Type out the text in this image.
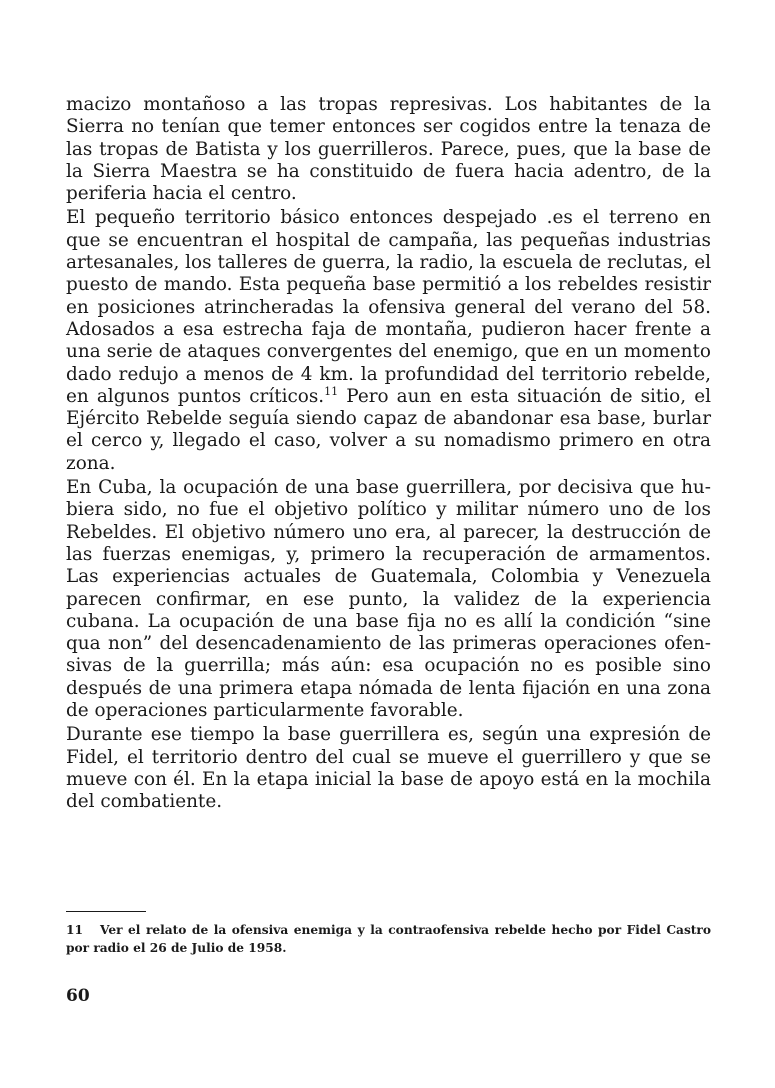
macizo montañoso a las tropas represivas. Los habitantes de la Sierra no tenían que temer entonces ser cogidos entre la tenaza de las tropas de Batista y los guerrilleros. Parece, pues, que la base de la Sierra Maestra se ha constituido de fuera hacia adentro, de la periferia hacia el centro.

El pequeño territorio básico entonces despejado .es el terreno en que se encuentran el hospital de campaña, las pequeñas industrias artesanales, los talleres de guerra, la radio, la escuela de reclutas, el puesto de mando. Esta pequeña base permitió a los rebeldes resistir en posiciones atrincheradas la ofensiva general del verano del 58. Adosados a esa estrecha faja de montaña, pudieron hacer frente a una serie de ataques convergentes del enemigo, que en un momento dado redujo a menos de 4 km. la profundidad del territorio rebelde, en algunos puntos críticos.$^{11}$ Pero aun en esta situación de sitio, el Ejército Rebelde seguía siendo capaz de abandonar esa base, burlar el cerco y, llegado el caso, volver a su nomadismo primero en otra zona.

En Cuba, la ocupación de una base guerrillera, por decisiva que hubiera sido, no fue el objetivo político y militar número uno de los Rebeldes. El objetivo número uno era, al parecer, la destrucción de las fuerzas enemigas, y, primero la recuperación de armamentos. Las experiencias actuales de Guatemala, Colombia y Venezuela parecen confirmar, en ese punto, la validez de la experiencia cubana. La ocupación de una base fija no es allí la condición “sine qua non” del desencadenamiento de las primeras operaciones ofensivas de la guerrilla; más aún: esa ocupación no es posible sino después de una primera etapa nómada de lenta fijación en una zona de operaciones particularmente favorable.

Durante ese tiempo la base guerrillera es, según una expresión de Fidel, el territorio dentro del cual se mueve el guerrillero y que se mueve con él. En la etapa inicial la base de apoyo está en la mochila del combatiente.

11 Ver el relato de la ofensiva enemiga y la contraofensiva rebelde hecho por Fidel Castro por radio el 26 de Julio de 1958.
60
